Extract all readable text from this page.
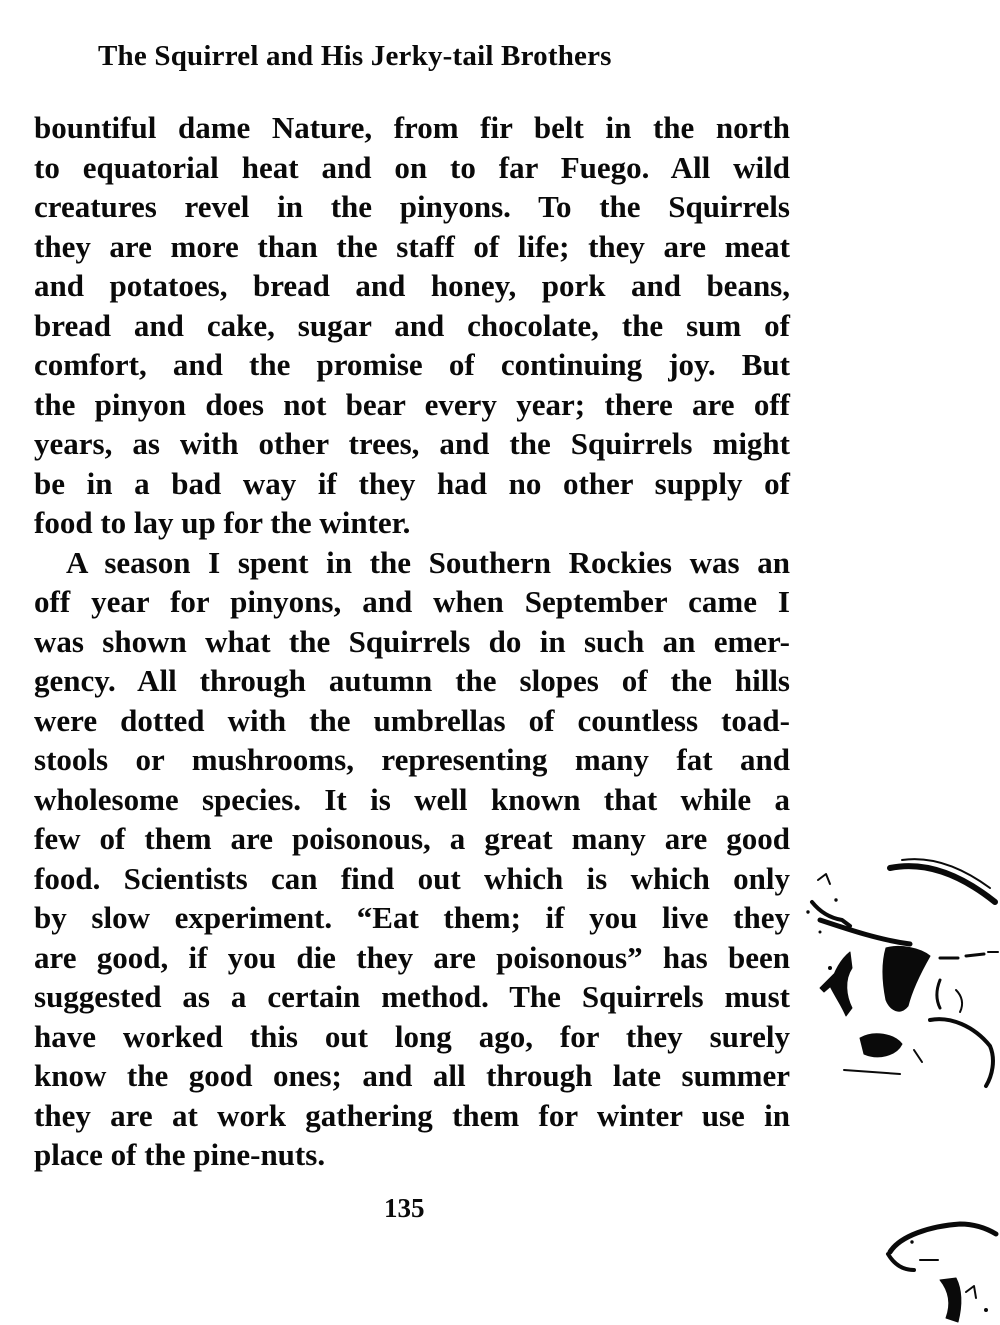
The Squirrel and His Jerky-tail Brothers
bountiful dame Nature, from fir belt in the north
to equatorial heat and on to far Fuego. All wild
creatures revel in the pinyons. To the Squirrels
they are more than the staff of life; they are meat
and potatoes, bread and honey, pork and beans,
bread and cake, sugar and chocolate, the sum of
comfort, and the promise of continuing joy. But
the pinyon does not bear every year; there are off
years, as with other trees, and the Squirrels might
be in a bad way if they had no other supply of
food to lay up for the winter.
A season I spent in the Southern Rockies was an
off year for pinyons, and when September came I
was shown what the Squirrels do in such an emer-
gency. All through autumn the slopes of the hills
were dotted with the umbrellas of countless toad-
stools or mushrooms, representing many fat and
wholesome species. It is well known that while a
few of them are poisonous, a great many are good
food. Scientists can find out which is which only
by slow experiment. “Eat them; if you live they
are good, if you die they are poisonous” has been
suggested as a certain method. The Squirrels must
have worked this out long ago, for they surely
know the good ones; and all through late summer
they are at work gathering them for winter use in
place of the pine-nuts.
135
